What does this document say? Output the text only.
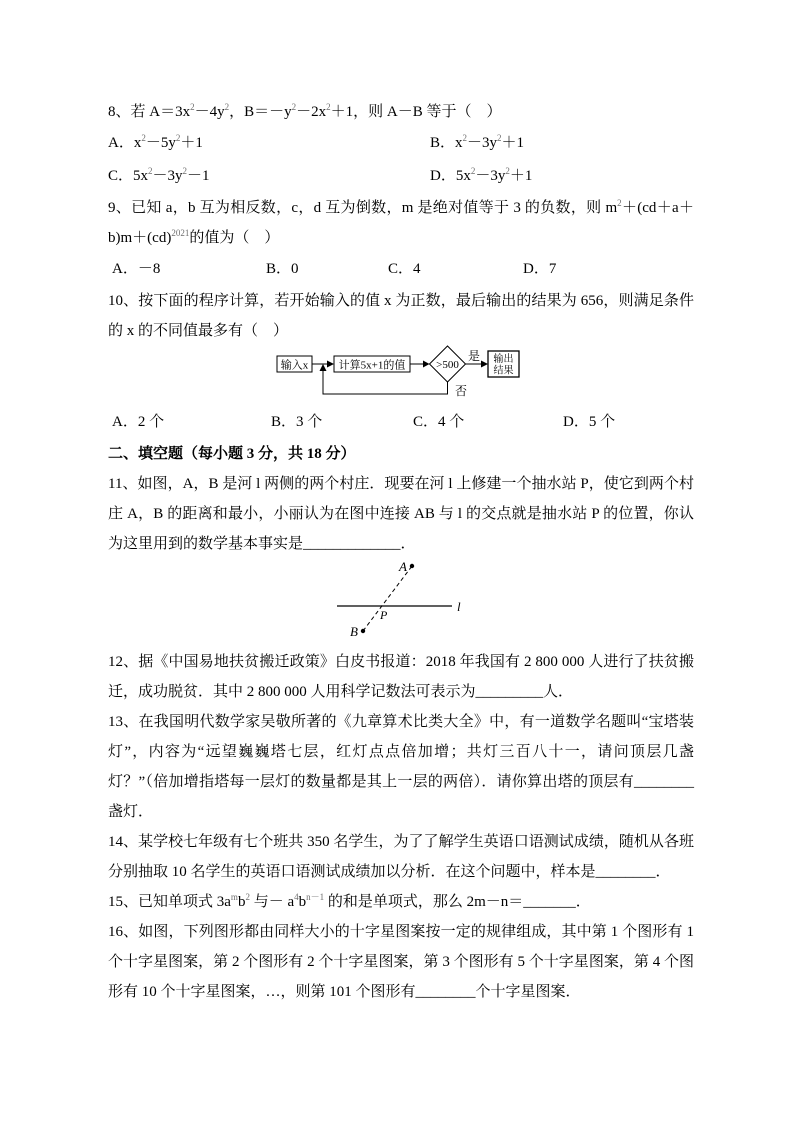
8、若 $A=3x^2-4y^2$，$B=-y^2-2x^2+1$，则 A－B 等于（　）

A．$x^2-5y^2+1$	B．$x^2-3y^2+1$
C．$5x^2-3y^2-1$	D．$5x^2-3y^2+1$

9、已知 a，b 互为相反数，c，d 互为倒数，m 是绝对值等于 3 的负数，则 $m^2+(cd+a+b)m+(cd)^{2021}$的值为（　）

A．－8	B．0	C．4	D．7

10、按下面的程序计算，若开始输入的值 x 为正数，最后输出的结果为 656，则满足条件的 x 的不同值最多有（　）

输入x	计算5x+1的值	>500
是
否
输出
结果
A．2 个	B．3 个	C．4 个	D．5 个

二、填空题（每小题 3 分，共 18 分）

11、如图，A，B 是河 l 两侧的两个村庄．现要在河 l 上修建一个抽水站 P，使它到两个村庄 A，B 的距离和最小，小丽认为在图中连接 AB 与 l 的交点就是抽水站 P 的位置，你认为这里用到的数学基本事实是_____________．

A
B
P
l

12、据《中国易地扶贫搬迁政策》白皮书报道：2018 年我国有 2 800 000 人进行了扶贫搬迁，成功脱贫．其中 2 800 000 人用科学记数法可表示为_________人．

13、在我国明代数学家吴敬所著的《九章算术比类大全》中，有一道数学名题叫“宝塔装灯”，内容为“远望巍巍塔七层，红灯点点倍加增；共灯三百八十一，请问顶层几盏灯？”（倍加增指塔每一层灯的数量都是其上一层的两倍）．请你算出塔的顶层有________盏灯．

14、某学校七年级有七个班共 350 名学生，为了了解学生英语口语测试成绩，随机从各班分别抽取 10 名学生的英语口语测试成绩加以分析．在这个问题中，样本是________．

15、已知单项式 $3a^mb^2$ 与－ $a^4b^{n-1}$ 的和是单项式，那么 2m－n＝_______．

16、如图，下列图形都由同样大小的十字星图案按一定的规律组成，其中第 1 个图形有 1 个十字星图案，第 2 个图形有 2 个十字星图案，第 3 个图形有 5 个十字星图案，第 4 个图形有 10 个十字星图案，…，则第 101 个图形有________个十字星图案．
